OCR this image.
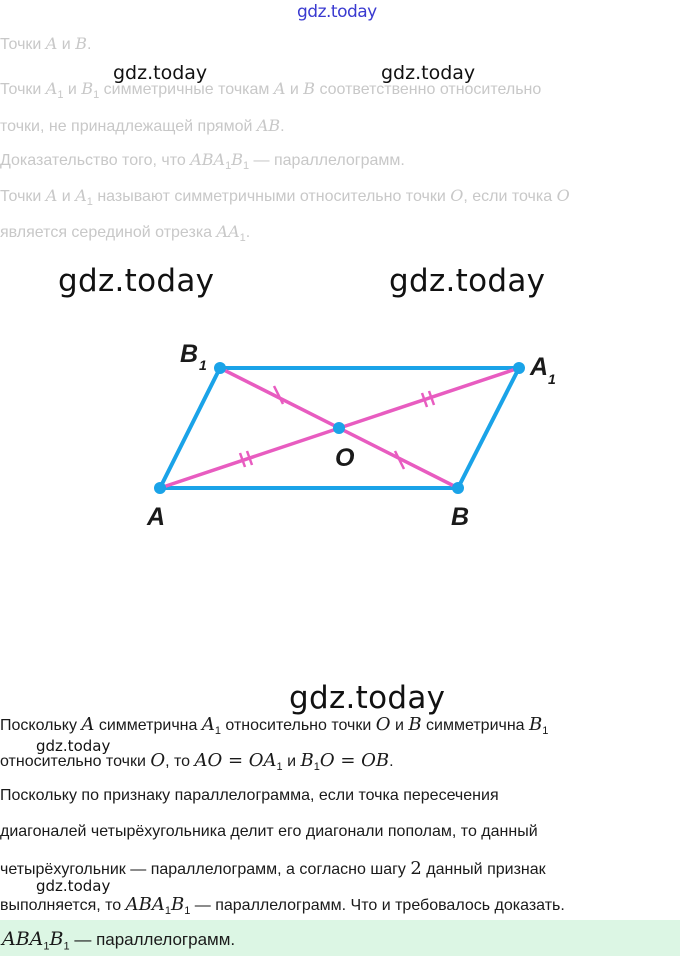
gdz.today
gdz.today	gdz.today
gdz.today	gdz.today
gdz.today
gdz.today
gdz.today
Точки A и B.
Точки $A_1$ и $B_1$ симметричные точкам A и B соответственно относительно
точки, не принадлежащей прямой AB.
Доказательство того, что $ABA_1B_1$ — параллелограмм.
Точки A и $A_1$ называют симметричными относительно точки O, если точка O
является серединой отрезка $AA_1$.
A	B
O
B 1	A 1
Поскольку A симметрична $A_1$ относительно точки O и B симметрична $B_1$
относительно точки O, то AO = $OA_1$ и $B_1O$ = OB.
Поскольку по признаку параллелограмма, если точка пересечения
диагоналей четырёхугольника делит его диагонали пополам, то данный
четырёхугольник — параллелограмм, а согласно шагу 2 данный признак
выполняется, то $ABA_1B_1$ — параллелограмм. Что и требовалось доказать.
$ABA_1B_1$ — параллелограмм.
